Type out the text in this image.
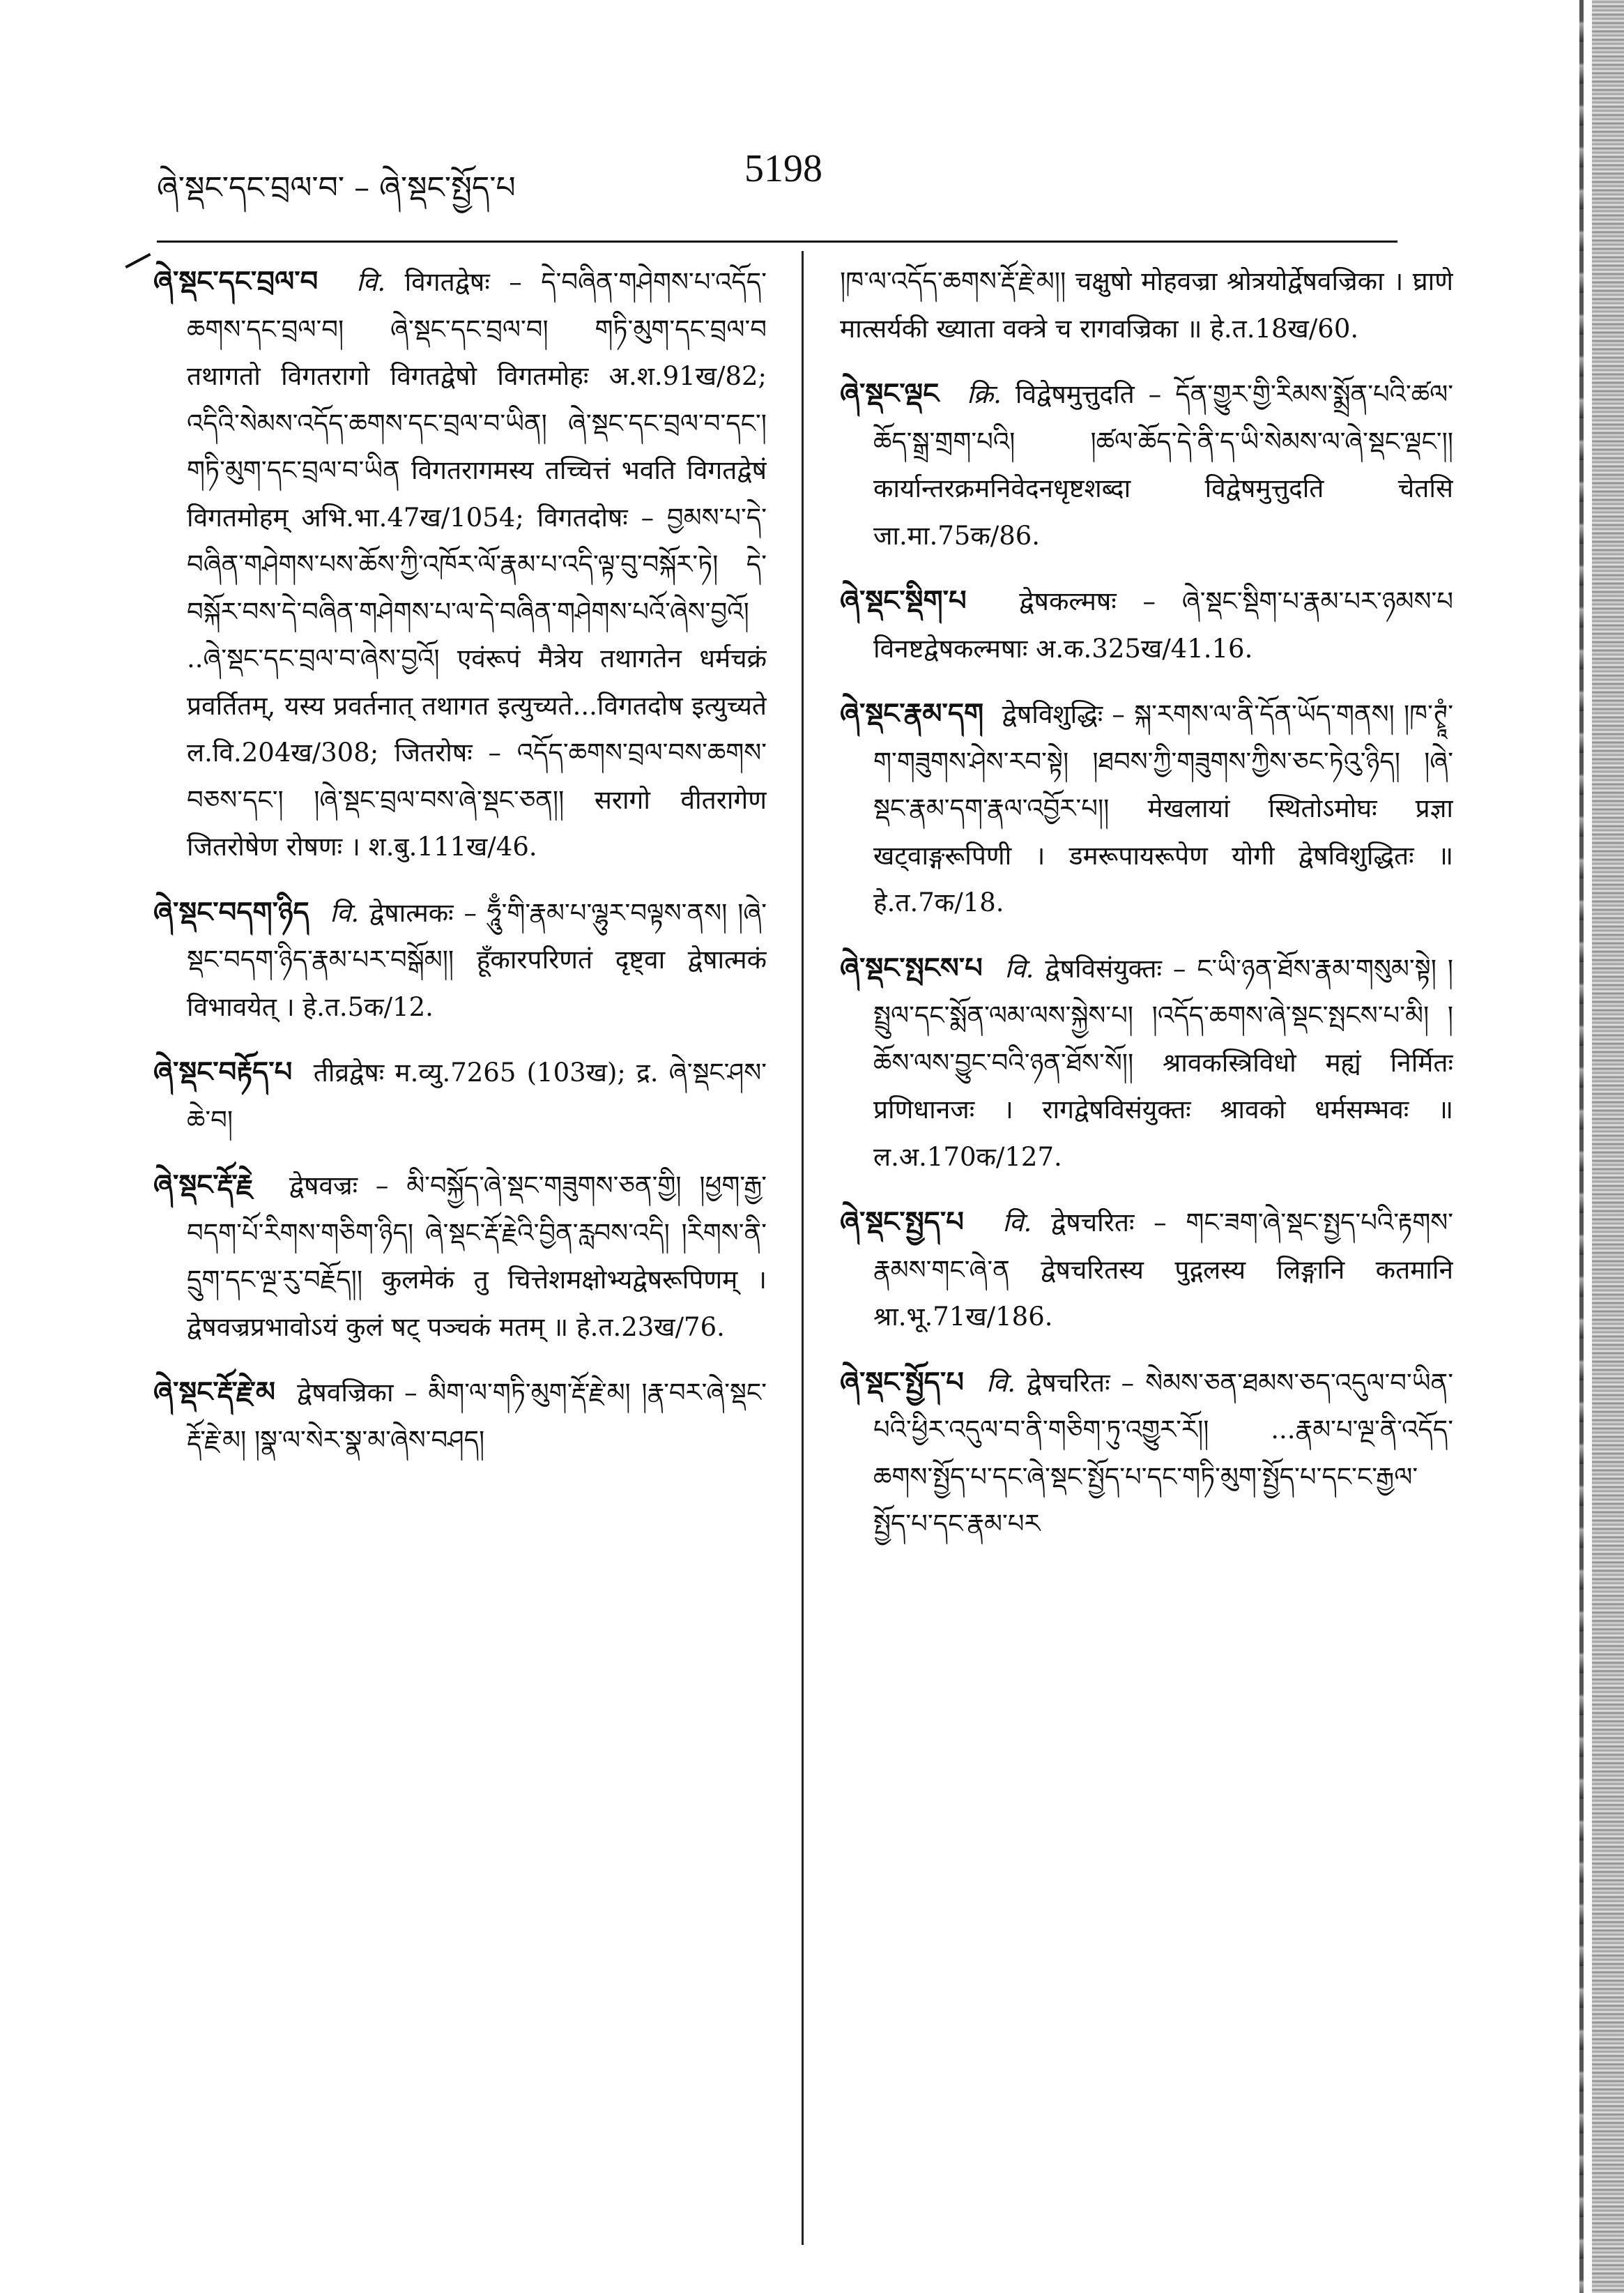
ཞེ་སྡང་དང་བྲལ་བ་ – ཞེ་སྡང་སྤྱོད་པ	5198

ཞེ་སྡང་དང་བྲལ་བ वि. विगतद्वेषः – དེ་བཞིན་གཤེགས་པ་འདོད་ཆགས་དང་བྲལ་བ། ཞེ་སྡང་དང་བྲལ་བ། གཏི་མུག་དང་བྲལ་བ तथागतो विगतरागो विगतद्वेषो विगतमोहः अ.श.91ख/82; འདིའི་སེམས་འདོད་ཆགས་དང་བྲལ་བ་ཡིན། ཞེ་སྡང་དང་བྲལ་བ་དང་། གཏི་མུག་དང་བྲལ་བ་ཡིན विगतरागमस्य तच्चित्तं भवति विगतद्वेषं विगतमोहम् अभि.भा.47ख/1054; विगतदोषः – བྱམས་པ་དེ་བཞིན་གཤེགས་པས་ཆོས་ཀྱི་འཁོར་ལོ་རྣམ་པ་འདི་ལྟ་བུ་བསྐོར་ཏེ། དེ་བསྐོར་བས་དེ་བཞིན་གཤེགས་པ་ལ་དེ་བཞིན་གཤེགས་པའོ་ཞེས་བྱའོ། ..ཞེ་སྡང་དང་བྲལ་བ་ཞེས་བྱའོ། एवंरूपं मैत्रेय तथागतेन धर्मचक्रं प्रवर्तितम्, यस्य प्रवर्तनात् तथागत इत्युच्यते...विगतदोष इत्युच्यते ल.वि.204ख/308; जितरोषः – འདོད་ཆགས་བྲལ་བས་ཆགས་བཅས་དང་། །ཞེ་སྡང་བྲལ་བས་ཞེ་སྡང་ཅན།། सरागो वीतरागेण जितरोषेण रोषणः । श.बु.111ख/46.

ཞེ་སྡང་བདག་ཉིད वि. द्वेषात्मकः – ཧཱུྃ་གི་རྣམ་པ་ལྷུར་བལྟས་ནས། །ཞེ་སྡང་བདག་ཉིད་རྣམ་པར་བསྒོམ།། हूँकारपरिणतं दृष्ट्वा द्वेषात्मकं विभावयेत् । हे.त.5क/12.

ཞེ་སྡང་བརྟོད་པ तीव्रद्वेषः म.व्यु.7265 (103ख); द्र. ཞེ་སྡང་ཤས་ཆེ་བ།

ཞེ་སྡང་རྡོ་རྗེ द्वेषवज्रः – མི་བསྐྱོད་ཞེ་སྡང་གཟུགས་ཅན་གྱི། །ཕྱག་རྒྱ་བདག་པོ་རིགས་གཅིག་ཉིད། ཞེ་སྡང་རྡོ་རྗེའི་བྱིན་རླབས་འདི། །རིགས་ནི་དྲུག་དང་ལྔ་རུ་བརྗོད།། कुलमेकं तु चित्तेशमक्षोभ्यद्वेषरूपिणम् । द्वेषवज्रप्रभावोऽयं कुलं षट् पञ्चकं मतम् ॥ हे.त.23ख/76.

ཞེ་སྡང་རྡོ་རྗེ་མ द्वेषवज्रिका – མིག་ལ་གཏི་མུག་རྡོ་རྗེ་མ། །རྣ་བར་ཞེ་སྡང་རྡོ་རྗེ་མ། །སྣ་ལ་སེར་སྣ་མ་ཞེས་བཤད།

།ཁ་ལ་འདོད་ཆགས་རྡོ་རྗེ་མ།། चक्षुषो मोहवज्रा श्रोत्रयोर्द्वेषवज्रिका । घ्राणे मात्सर्यकी ख्याता वक्त्रे च रागवज्रिका ॥ हे.त.18ख/60.

ཞེ་སྡང་ལྡང क्रि. विद्वेषमुत्तुदति – དོན་གྱུར་གྱི་རིམས་སྨྲོན་པའི་ཚལ་ཆོད་སྒྲ་གྲག་པའི། །ཚལ་ཆོད་དེ་ནི་ད་ཡི་སེམས་ལ་ཞེ་སྡང་ལྡང་།། कार्यान्तरक्रमनिवेदनधृष्टशब्दा विद्वेषमुत्तुदति चेतसि जा.मा.75क/86.

ཞེ་སྡང་སྡིག་པ द्वेषकल्मषः – ཞེ་སྡང་སྡིག་པ་རྣམ་པར་ཉམས་པ विनष्टद्वेषकल्मषाः अ.क.325ख/41.16.

ཞེ་སྡང་རྣམ་དག द्वेषविशुद्धिः – སྐ་རགས་ལ་ནི་དོན་ཡོད་གནས། །ཁ་ཊྭཱཾ་ག་གཟུགས་ཤེས་རབ་སྟེ། །ཐབས་ཀྱི་གཟུགས་ཀྱིས་ཅང་ཏེའུ་ཉིད། །ཞེ་སྡང་རྣམ་དག་རྣལ་འབྱོར་པ།། मेखलायां स्थितोऽमोघः प्रज्ञा खट्वाङ्गरूपिणी । डमरूपायरूपेण योगी द्वेषविशुद्धितः ॥ हे.त.7क/18.

ཞེ་སྡང་སྤངས་པ वि. द्वेषविसंयुक्तः – ང་ཡི་ཉན་ཐོས་རྣམ་གསུམ་སྟེ། །སྤྲུལ་དང་སྨོན་ལམ་ལས་སྐྱེས་པ། །འདོད་ཆགས་ཞེ་སྡང་སྤངས་པ་མི། །ཆོས་ལས་བྱུང་བའི་ཉན་ཐོས་སོ།། श्रावकस्त्रिविधो मह्यं निर्मितः प्रणिधानजः । रागद्वेषविसंयुक्तः श्रावको धर्मसम्भवः ॥ ल.अ.170क/127.

ཞེ་སྡང་སྤྱད་པ वि. द्वेषचरितः – གང་ཟག་ཞེ་སྡང་སྤྱད་པའི་རྟགས་རྣམས་གང་ཞེ་ན द्वेषचरितस्य पुद्गलस्य लिङ्गानि कतमानि श्रा.भू.71ख/186.

ཞེ་སྡང་སྤྱོད་པ वि. द्वेषचरितः – སེམས་ཅན་ཐམས་ཅད་འདུལ་བ་ཡིན་པའི་ཕྱིར་འདུལ་བ་ནི་གཅིག་ཏུ་འགྱུར་རོ།། ...རྣམ་པ་ལྔ་ནི་འདོད་ཆགས་སྤྱོད་པ་དང་ཞེ་སྡང་སྤྱོད་པ་དང་གཏི་མུག་སྤྱོད་པ་དང་ང་རྒྱལ་སྤྱོད་པ་དང་རྣམ་པར
